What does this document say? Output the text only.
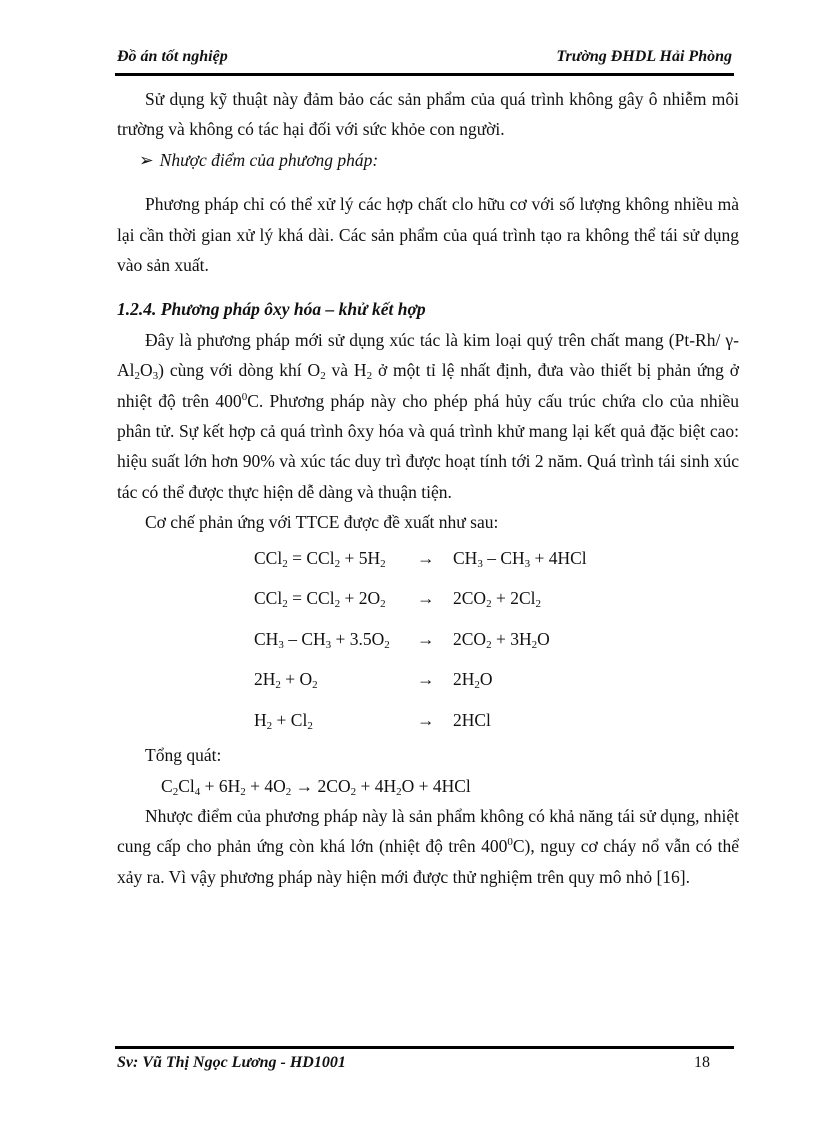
Đồ án tốt nghiệp	Trường ĐHDL Hải Phòng

Sử dụng kỹ thuật này đảm bảo các sản phẩm của quá trình không gây ô nhiễm môi trường và không có tác hại đối với sức khỏe con người.

➢ Nhược điểm của phương pháp:

Phương pháp chỉ có thể xử lý các hợp chất clo hữu cơ với số lượng không nhiều mà lại cần thời gian xử lý khá dài. Các sản phẩm của quá trình tạo ra không thể tái sử dụng vào sản xuất.

1.2.4. Phương pháp ôxy hóa – khử kết hợp

Đây là phương pháp mới sử dụng xúc tác là kim loại quý trên chất mang (Pt-Rh/ $\gamma-Al_2O_3$) cùng với dòng khí $O_2$ và $H_2$ ở một tỉ lệ nhất định, đưa vào thiết bị phản ứng ở nhiệt độ trên $400^0C$. Phương pháp này cho phép phá hủy cấu trúc chứa clo của nhiều phân tử. Sự kết hợp cả quá trình ôxy hóa và quá trình khử mang lại kết quả đặc biệt cao: hiệu suất lớn hơn 90% và xúc tác duy trì được hoạt tính tới 2 năm. Quá trình tái sinh xúc tác có thể được thực hiện dễ dàng và thuận tiện.

Cơ chế phản ứng với TTCE được đề xuất như sau:

$CCl_2 = CCl_2 + 5H_2$	→	$CH_3 - CH_3 + 4HCl$
$CCl_2 = CCl_2 + 2O_2$	→	$2CO_2 + 2Cl_2$
$CH_3 - CH_3 + 3.5O_2$	→	$2CO_2 + 3H_2O$
$2H_2 + O_2$	→	$2H_2O$
$H_2 + Cl_2$	→	2HCl

Tổng quát:

$C_2Cl_4 + 6H_2 + 4O_2 \to 2CO_2 + 4H_2O + 4HCl$

Nhược điểm của phương pháp này là sản phẩm không có khả năng tái sử dụng, nhiệt cung cấp cho phản ứng còn khá lớn (nhiệt độ trên $400^0C$), nguy cơ cháy nổ vẫn có thể xảy ra. Vì vậy phương pháp này hiện mới được thử nghiệm trên quy mô nhỏ [16].

Sv: Vũ Thị Ngọc Lương - HD1001	18
